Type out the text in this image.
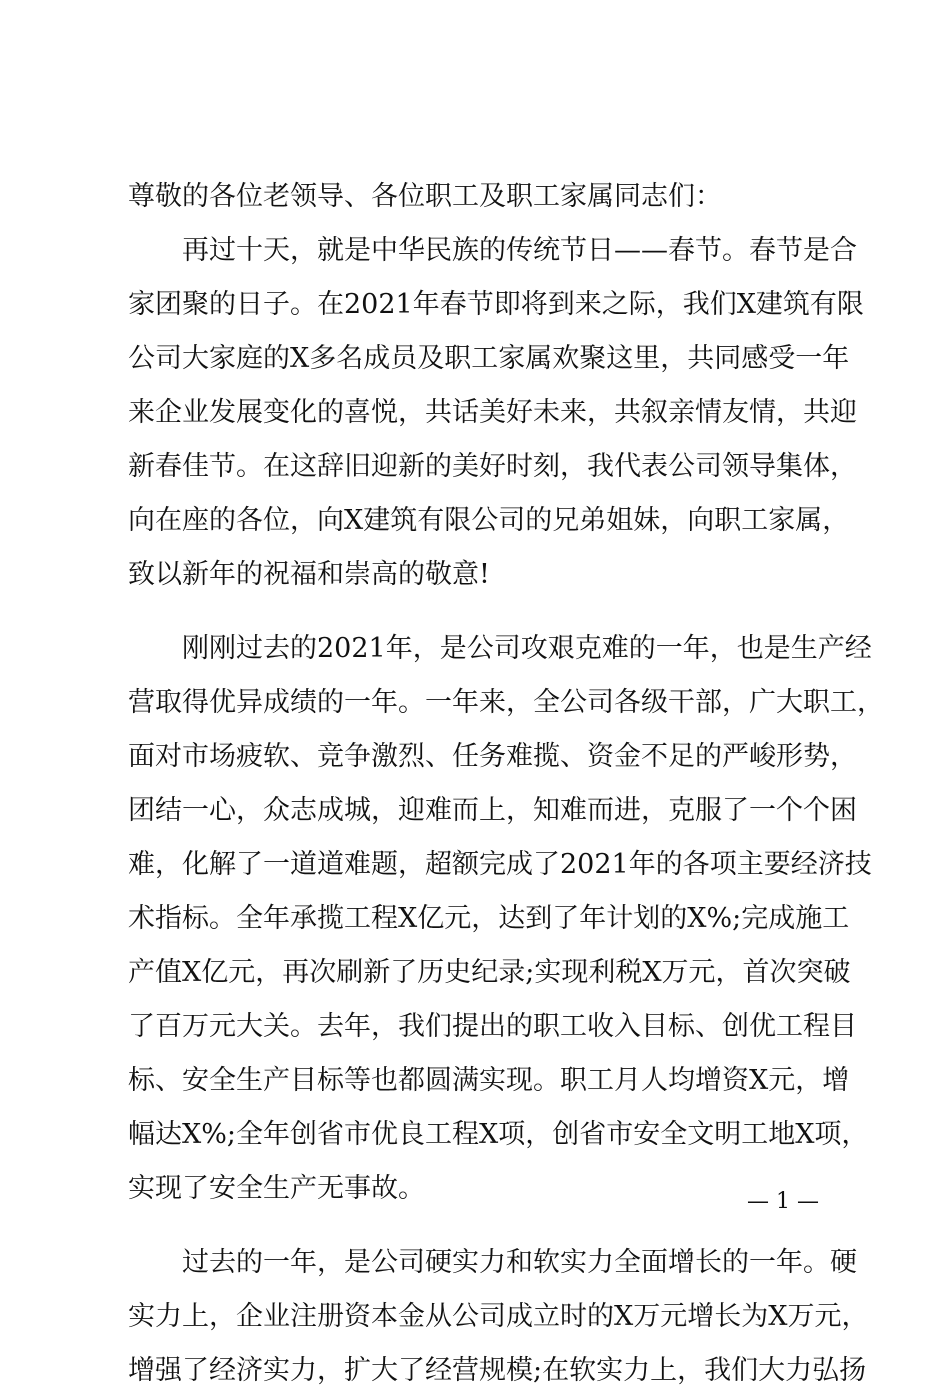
尊敬的各位老领导、各位职工及职工家属同志们：
　　再过十天，就是中华民族的传统节日——春节。春节是合
家团聚的日子。在2021年春节即将到来之际，我们X建筑有限
公司大家庭的X多名成员及职工家属欢聚这里，共同感受一年
来企业发展变化的喜悦，共话美好未来，共叙亲情友情，共迎
新春佳节。在这辞旧迎新的美好时刻，我代表公司领导集体，
向在座的各位，向X建筑有限公司的兄弟姐妹，向职工家属，
致以新年的祝福和崇高的敬意!
　　刚刚过去的2021年，是公司攻艰克难的一年，也是生产经
营取得优异成绩的一年。一年来，全公司各级干部，广大职工，
面对市场疲软、竞争激烈、任务难揽、资金不足的严峻形势，
团结一心，众志成城，迎难而上，知难而进，克服了一个个困
难，化解了一道道难题，超额完成了2021年的各项主要经济技
术指标。全年承揽工程X亿元，达到了年计划的X%;完成施工
产值X亿元，再次刷新了历史纪录;实现利税X万元，首次突破
了百万元大关。去年，我们提出的职工收入目标、创优工程目
标、安全生产目标等也都圆满实现。职工月人均增资X元，增
幅达X%;全年创省市优良工程X项，创省市安全文明工地X项，
实现了安全生产无事故。
　　过去的一年，是公司硬实力和软实力全面增长的一年。硬
实力上，企业注册资本金从公司成立时的X万元增长为X万元，
增强了经济实力，扩大了经营规模;在软实力上，我们大力弘扬
— 1 —
